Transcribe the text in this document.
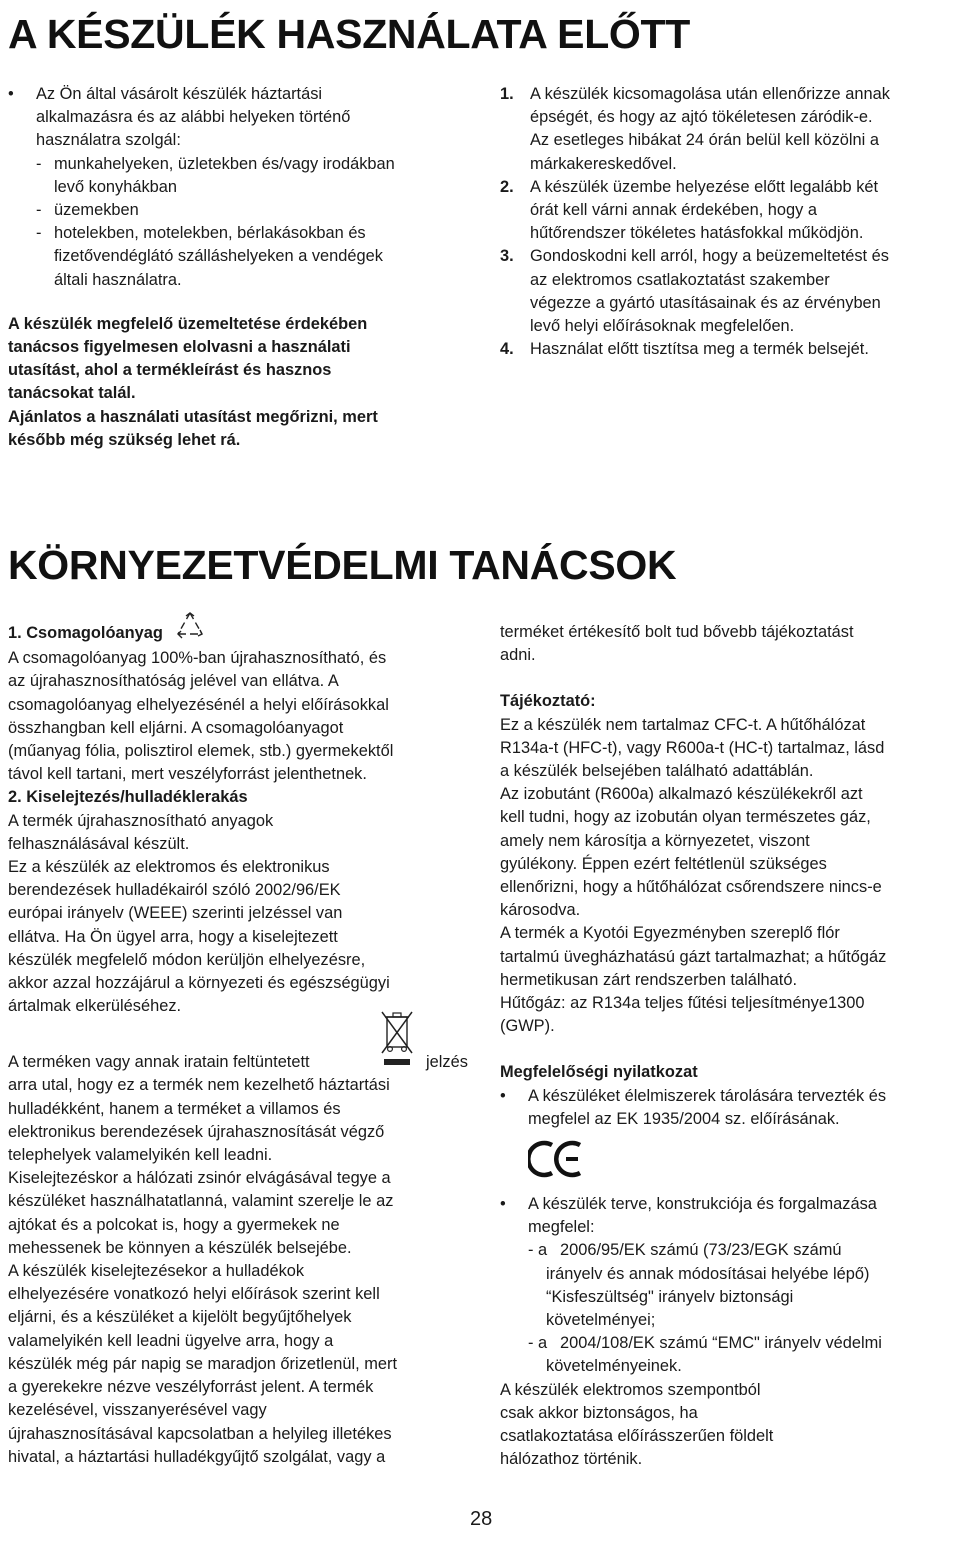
A KÉSZÜLÉK HASZNÁLATA ELŐTT
• Az Ön által vásárolt készülék háztartási

alkalmazásra és az alábbi helyeken történő

használatra szolgál:

- munkahelyeken, üzletekben és/vagy irodákban

levő konyhákban

- üzemekben

- hotelekben, motelekben, bérlakásokban és

fizetővendéglátó szálláshelyeken a vendégek

általi használatra.

A készülék megfelelő üzemeltetése érdekében

tanácsos figyelmesen elolvasni a használati

utasítást, ahol a termékleírást és hasznos

tanácsokat talál.

Ajánlatos a használati utasítást megőrizni, mert

később még szükség lehet rá.

1. A készülék kicsomagolása után ellenőrizze annak

épségét, és hogy az ajtó tökéletesen záródik-e.

Az esetleges hibákat 24 órán belül kell közölni a

márkakereskedővel.

2. A készülék üzembe helyezése előtt legalább két

órát kell várni annak érdekében, hogy a

hűtőrendszer tökéletes hatásfokkal működjön.

3. Gondoskodni kell arról, hogy a beüzemeltetést és

az elektromos csatlakoztatást szakember

végezze a gyártó utasításainak és az érvényben

levő helyi előírásoknak megfelelően.

4. Használat előtt tisztítsa meg a termék belsejét.

KÖRNYEZETVÉDELMI TANÁCSOK
1. Csomagolóanyag

A csomagolóanyag 100%-ban újrahasznosítható, és

az újrahasznosíthatóság jelével van ellátva. A

csomagolóanyag elhelyezésénél a helyi előírásokkal

összhangban kell eljárni. A csomagolóanyagot

(műanyag fólia, polisztirol elemek, stb.) gyermekektől

távol kell tartani, mert veszélyforrást jelenthetnek.

2. Kiselejtezés/hulladéklerakás

A termék újrahasznosítható anyagok

felhasználásával készült.

Ez a készülék az elektromos és elektronikus

berendezések hulladékairól szóló 2002/96/EK

európai irányelv (WEEE) szerinti jelzéssel van

ellátva. Ha Ön ügyel arra, hogy a kiselejtezett

készülék megfelelő módon kerüljön elhelyezésre,

akkor azzal hozzájárul a környezeti és egészségügyi

ártalmak elkerüléséhez.

A terméken vagy annak iratain feltüntetett	jelzés

arra utal, hogy ez a termék nem kezelhető háztartási

hulladékként, hanem a terméket a villamos és

elektronikus berendezések újrahasznosítását végző

telephelyek valamelyikén kell leadni.

Kiselejtezéskor a hálózati zsinór elvágásával tegye a

készüléket használhatatlanná, valamint szerelje le az

ajtókat és a polcokat is, hogy a gyermekek ne

mehessenek be könnyen a készülék belsejébe.

A készülék kiselejtezésekor a hulladékok

elhelyezésére vonatkozó helyi előírások szerint kell

eljárni, és a készüléket a kijelölt begyűjtőhelyek

valamelyikén kell leadni ügyelve arra, hogy a

készülék még pár napig se maradjon őrizetlenül, mert

a gyerekekre nézve veszélyforrást jelent. A termék

kezelésével, visszanyerésével vagy

újrahasznosításával kapcsolatban a helyileg illetékes

hivatal, a háztartási hulladékgyűjtő szolgálat, vagy a

terméket értékesítő bolt tud bővebb tájékoztatást

adni.

Tájékoztató:

Ez a készülék nem tartalmaz CFC-t. A hűtőhálózat

R134a-t (HFC-t), vagy R600a-t (HC-t) tartalmaz, lásd

a készülék belsejében található adattáblán.

Az izobutánt (R600a) alkalmazó készülékekről azt

kell tudni, hogy az izobután olyan természetes gáz,

amely nem károsítja a környezetet, viszont

gyúlékony. Éppen ezért feltétlenül szükséges

ellenőrizni, hogy a hűtőhálózat csőrendszere nincs-e

károsodva.

A termék a Kyotói Egyezményben szereplő flór

tartalmú üvegházhatású gázt tartalmazhat; a hűtőgáz

hermetikusan zárt rendszerben található.

Hűtőgáz: az R134a teljes fűtési teljesítménye1300

(GWP).

Megfelelőségi nyilatkozat

• A készüléket élelmiszerek tárolására tervezték és

megfelel az EK 1935/2004 sz. előírásának.

• A készülék terve, konstrukciója és forgalmazása

megfelel:

- a 2006/95/EK számú (73/23/EGK számú

irányelv és annak módosításai helyébe lépő)

“Kisfeszültség" irányelv biztonsági

követelményei;

- a 2004/108/EK számú “EMC" irányelv védelmi

követelményeinek.

A készülék elektromos szempontból

csak akkor biztonságos, ha

csatlakoztatása előírásszerűen földelt

hálózathoz történik.

28
